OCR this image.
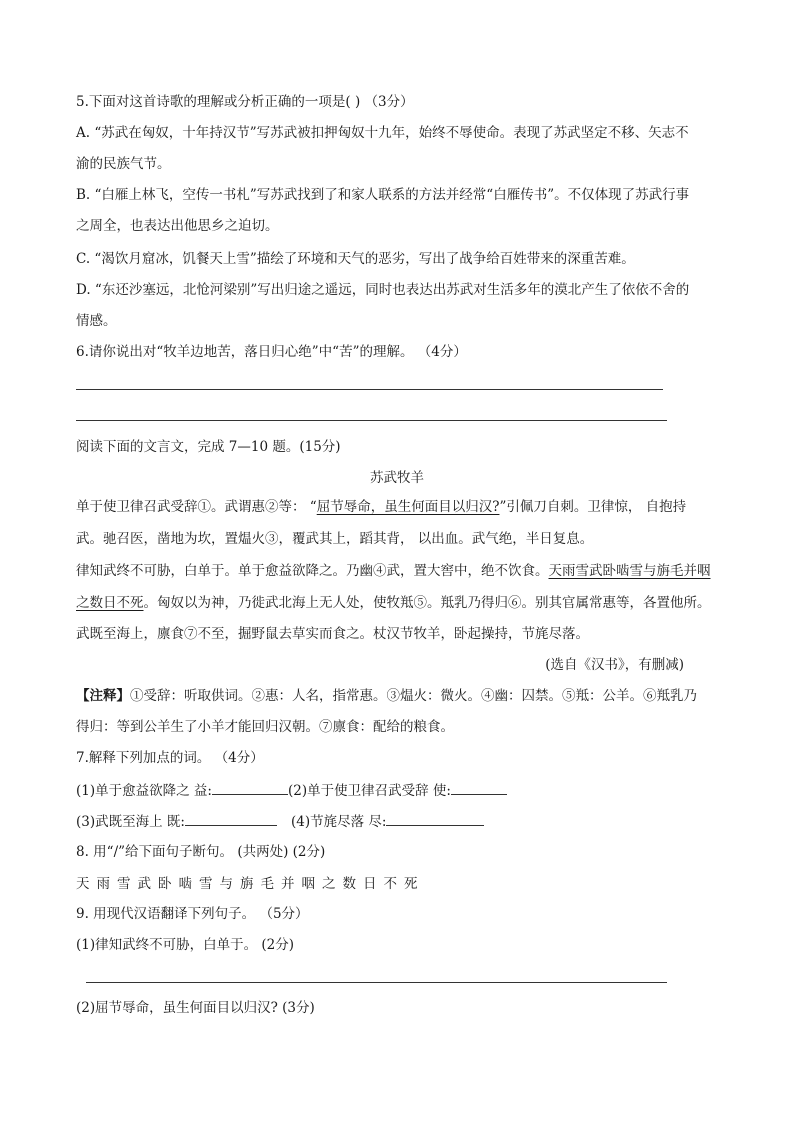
5.下面对这首诗歌的理解或分析正确的一项是( ) （3分）
A. “苏武在匈奴，十年持汉节”写苏武被扣押匈奴十九年，始终不辱使命。表现了苏武坚定不移、矢志不
渝的民族气节。
B. “白雁上林飞，空传一书札”写苏武找到了和家人联系的方法并经常“白雁传书”。不仅体现了苏武行事
之周全，也表达出他思乡之迫切。
C. “渴饮月窟冰，饥餐天上雪”描绘了环境和天气的恶劣，写出了战争给百姓带来的深重苦难。
D. “东还沙塞远，北怆河梁别”写出归途之遥远，同时也表达出苏武对生活多年的漠北产生了依依不舍的
情感。
6.请你说出对“牧羊边地苦，落日归心绝”中“苦”的理解。 （4分）
阅读下面的文言文，完成 7—10 题。(15分)
苏武牧羊
单于使卫律召武受辞①。武谓惠②等： “屈节辱命，虽生何面目以归汉?”引佩刀自刺。卫律惊， 自抱持
武。驰召医，凿地为坎，置煴火③，覆武其上，蹈其背， 以出血。武气绝，半日复息。
律知武终不可胁，白单于。单于愈益欲降之。乃幽④武，置大窖中，绝不饮食。天雨雪武卧啮雪与旃毛并咽
之数日不死。匈奴以为神，乃徙武北海上无人处，使牧羝⑤。羝乳乃得归⑥。别其官属常惠等，各置他所。
武既至海上，廪食⑦不至，掘野鼠去草实而食之。杖汉节牧羊，卧起操持，节旄尽落。
(选自《汉书》，有删减)
【注释】①受辞：听取供词。②惠：人名，指常惠。③煴火：微火。④幽：囚禁。⑤羝：公羊。⑥羝乳乃
得归：等到公羊生了小羊才能回归汉朝。⑦廪食：配给的粮食。
7.解释下列加点的词。 （4分）
(1)单于愈益欲降之 益:	(2)单于使卫律召武受辞 使:
(3)武既至海上 既:	(4)节旄尽落 尽:
8. 用“/”给下面句子断句。 (共两处) (2分)
天雨雪武卧啮雪与旃毛并咽之数日不死
9. 用现代汉语翻译下列句子。 （5分）
(1)律知武终不可胁，白单于。 (2分)
(2)屈节辱命，虽生何面目以归汉? (3分)
